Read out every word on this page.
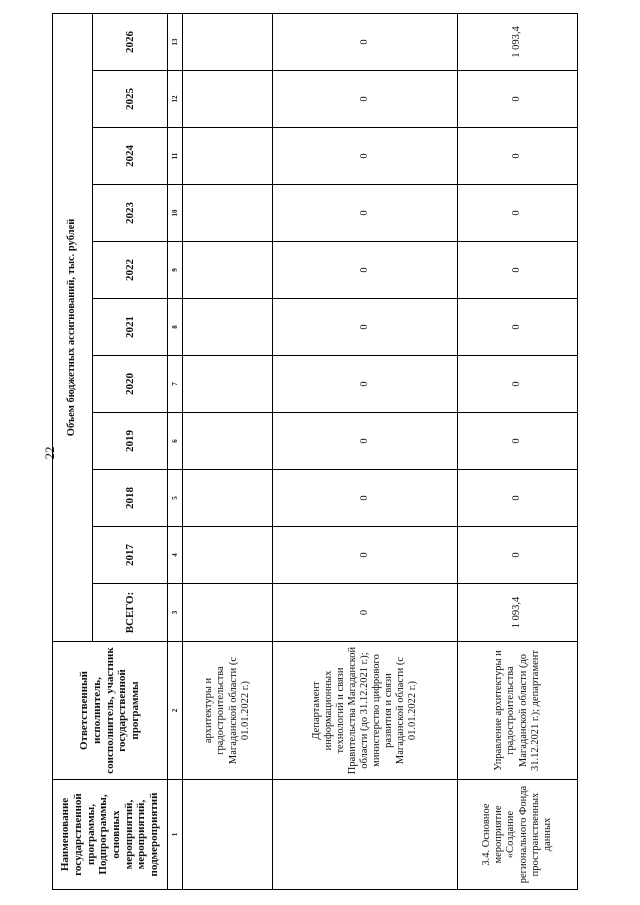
22
Наименование государственной программы, Подпрограммы, основных мероприятий, мероприятий, подмероприятий	Ответственный исполнитель, соисполнитель, участник государственной программы	Объем бюджетных ассигнований, тыс. рублей										
		ВСЕГО:	2017	2018	2019	2020	2021	2022	2023	2024	2025	2026
1	2	3	4	5	6	7	8	9	10	11	12	13
	архитектуры и градостроительства Магаданской области (с 01.01.2022 г.)											
	Департамент информационных технологий и связи Правительства Магаданской области (до 31.12.2021 г.); министерство цифрового развития и связи Магаданской области (с 01.01.2022 г.)	0	0	0	0	0	0	0	0	0	0	0
3.4. Основное мероприятие «Создание регионального Фонда пространственных данных	Управление архитектуры и градостроительства Магаданской области (до 31.12.2021 г.); департамент	1 093,4	0	0	0	0	0	0	0	0	0	1 093,4
